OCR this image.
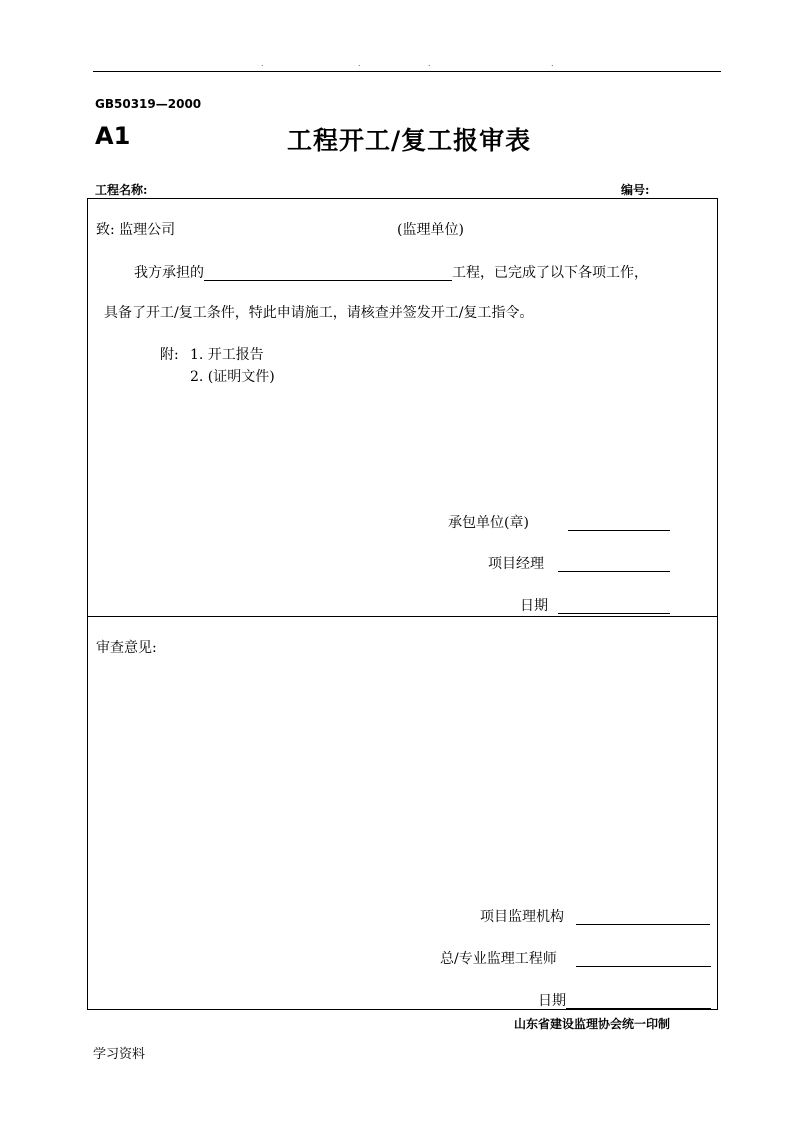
.	.	.	.
GB50319—2000
A1	工程开工/复工报审表
工程名称:	编号:
致: 监理公司	(监理单位)
我方承担的	工程，已完成了以下各项工作，
具备了开工/复工条件，特此申请施工，请核查并签发开工/复工指令。
附: 1. 开工报告
2. (证明文件)
承包单位(章)
项目经理
日期
审查意见:
项目监理机构
总/专业监理工程师
日期
山东省建设监理协会统一印制
学习资料
